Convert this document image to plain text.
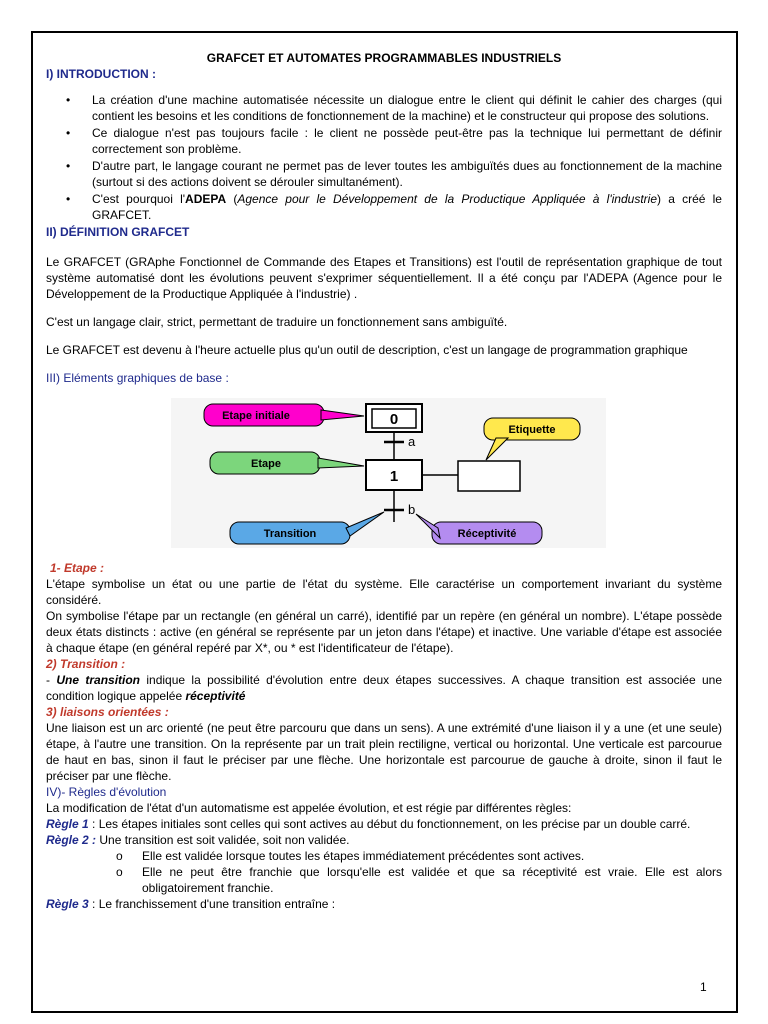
GRAFCET ET AUTOMATES PROGRAMMABLES INDUSTRIELS

I) INTRODUCTION :

• La création d'une machine automatisée nécessite un dialogue entre le client qui définit le cahier des charges (qui contient les besoins et les conditions de fonctionnement de la machine) et le constructeur qui propose des solutions.
• Ce dialogue n'est pas toujours facile : le client ne possède peut-être pas la technique lui permettant de définir correctement son problème.
• D'autre part, le langage courant ne permet pas de lever toutes les ambiguïtés dues au fonctionnement de la machine (surtout si des actions doivent se dérouler simultanément).
• C'est pourquoi l'ADEPA (Agence pour le Développement de la Productique Appliquée à l'industrie) a créé le GRAFCET.

II) DÉFINITION GRAFCET

Le GRAFCET (GRAphe Fonctionnel de Commande des Etapes et Transitions) est l'outil de représentation graphique de tout système automatisé dont les évolutions peuvent s'exprimer séquentiellement. Il a été conçu par l'ADEPA (Agence pour le Développement de la Productique Appliquée à l'industrie) .

C'est un langage clair, strict, permettant de traduire un fonctionnement sans ambiguïté.

Le GRAFCET est devenu à l'heure actuelle plus qu'un outil de description, c'est un langage de programmation graphique

III) Eléments graphiques de base :

a
b
0
1
Etape initiale
Etape
Etiquette
Transition	Réceptivité

1- Etape :

L'étape symbolise un état ou une partie de l'état du système. Elle caractérise un comportement invariant du système considéré.

On symbolise l'étape par un rectangle (en général un carré), identifié par un repère (en général un nombre). L'étape possède deux états distincts : active (en général se représente par un jeton dans l'étape) et inactive. Une variable d'étape est associée à chaque étape (en général repéré par X*, ou * est l'identificateur de l'étape).

2) Transition :

- Une transition indique la possibilité d'évolution entre deux étapes successives. A chaque transition est associée une condition logique appelée réceptivité

3) liaisons orientées :

Une liaison est un arc orienté (ne peut être parcouru que dans un sens). A une extrémité d'une liaison il y a une (et une seule) étape, à l'autre une transition. On la représente par un trait plein rectiligne, vertical ou horizontal. Une verticale est parcourue de haut en bas, sinon il faut le préciser par une flèche. Une horizontale est parcourue de gauche à droite, sinon il faut le préciser par une flèche.

IV)- Règles d'évolution

La modification de l'état d'un automatisme est appelée évolution, et est régie par différentes règles:

Règle 1 : Les étapes initiales sont celles qui sont actives au début du fonctionnement, on les précise par un double carré.

Règle 2 : Une transition est soit validée, soit non validée.

o Elle est validée lorsque toutes les étapes immédiatement précédentes sont actives.
o Elle ne peut être franchie que lorsqu'elle est validée et que sa réceptivité est vraie. Elle est alors obligatoirement franchie.

Règle 3 : Le franchissement d'une transition entraîne :

1
